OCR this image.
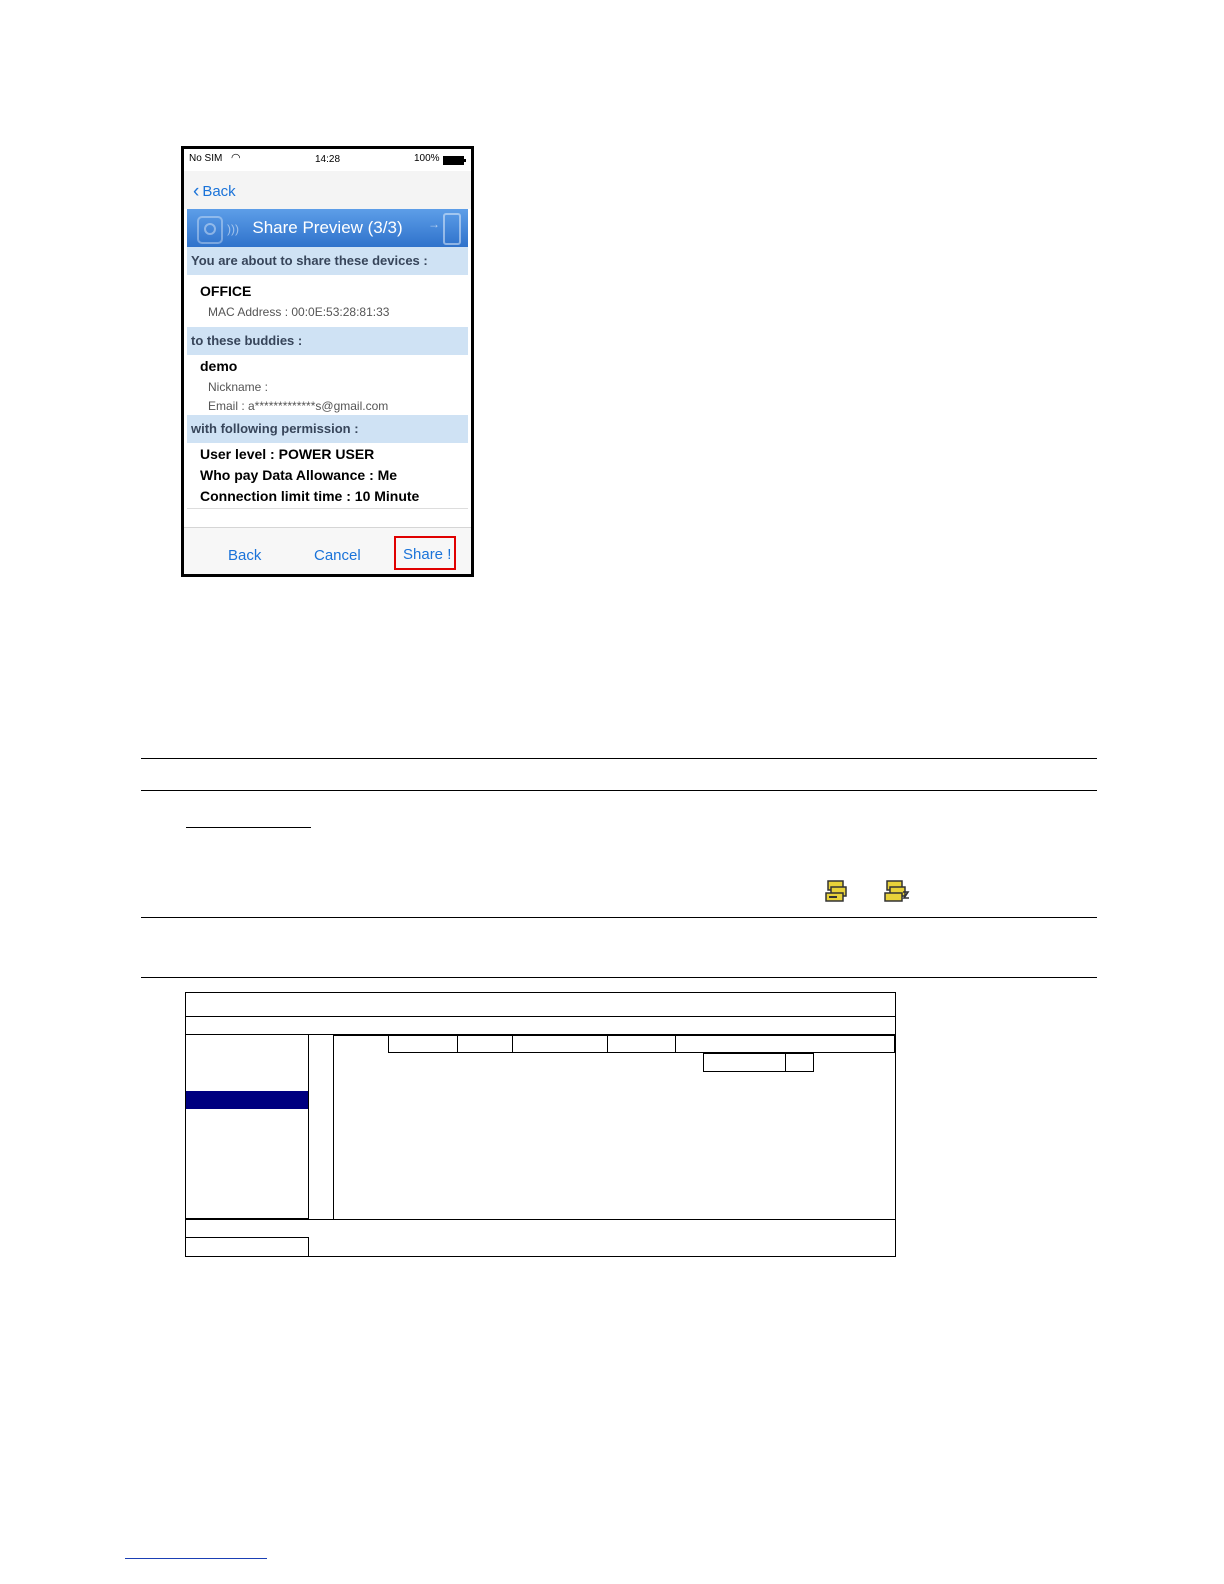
No SIM ◠	14:28	100%
‹ Back
))) Share Preview (3/3)	→
You are about to share these devices :
OFFICE
MAC Address : 00:0E:53:28:81:33
to these buddies :
demo
Nickname :
Email : a*************s@gmail.com
with following permission :
User level : POWER USER
Who pay Data Allowance : Me
Connection limit time : 10 Minute
Back	Cancel	Share !
